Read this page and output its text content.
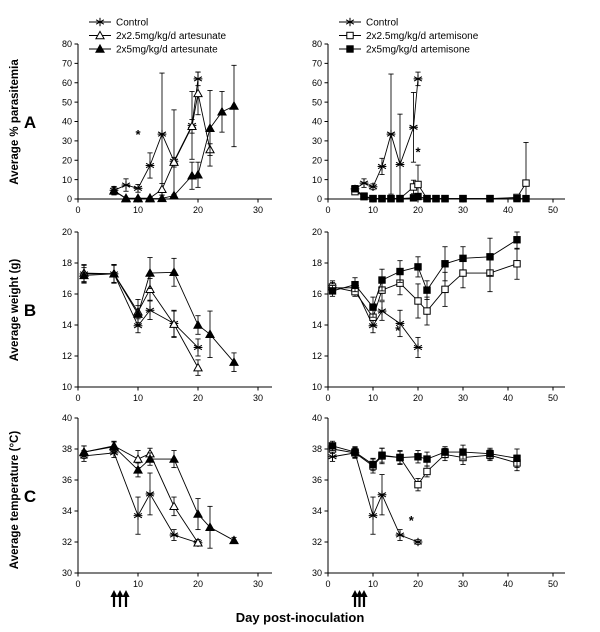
0
10
20
30
40
50
60
70
80
0	10	20	30
*
0
10
20
30
40
50
60
70
80
0	10	20	30	40	50
*
10
12
14
16
18
20
0	10	20	30
10
12
14
16
18
20
0	10	20	30	40	50
*
30
32
34
36
38
40
0	10	20	30
30
32
34
36
38
40
0	10	20	30	40	50
*
Control
2x2.5mg/kg/d artesunate
2x5mg/kg/d artesunate
Control
2x2.5mg/kg/d artemisone
2x5mg/kg/d artemisone
A
B
C
Average % parasitemia
Average weight (g)
Average temperature (°C)
Day post-inoculation
